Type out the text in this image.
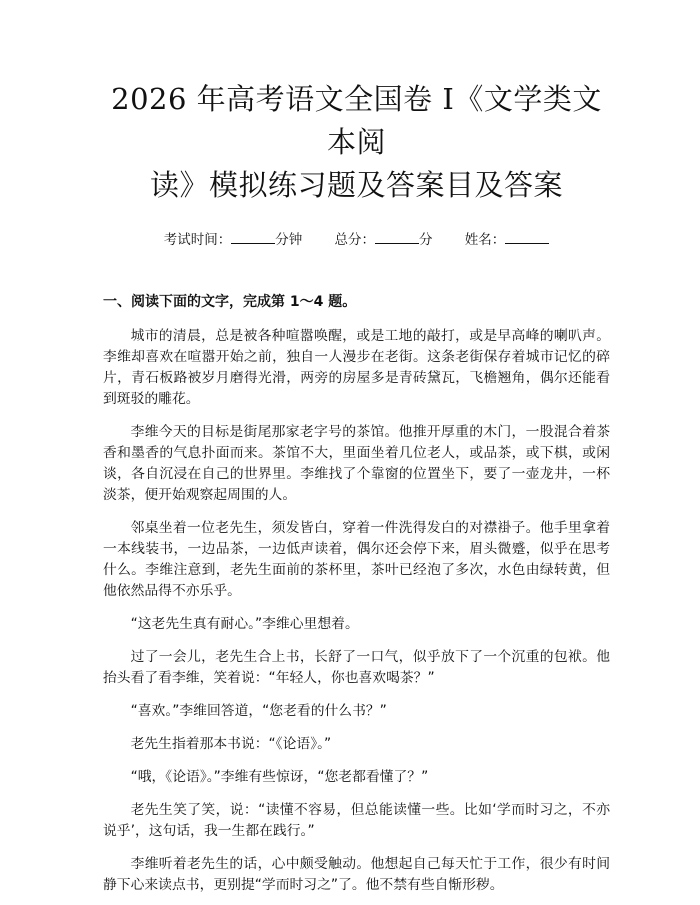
2026 年高考语文全国卷 I《文学类文本阅
读》模拟练习题及答案目及答案
考试时间：	分钟 总分：	分 姓名：
一、阅读下面的文字，完成第 1～4 题。

城市的清晨，总是被各种喧嚣唤醒，或是工地的敲打，或是早高峰的喇叭声。李维却喜欢在喧嚣开始之前，独自一人漫步在老街。这条老街保存着城市记忆的碎片，青石板路被岁月磨得光滑，两旁的房屋多是青砖黛瓦，飞檐翘角，偶尔还能看到斑驳的雕花。

李维今天的目标是街尾那家老字号的茶馆。他推开厚重的木门，一股混合着茶香和墨香的气息扑面而来。茶馆不大，里面坐着几位老人，或品茶，或下棋，或闲谈，各自沉浸在自己的世界里。李维找了个靠窗的位置坐下，要了一壶龙井，一杯淡茶，便开始观察起周围的人。

邻桌坐着一位老先生，须发皆白，穿着一件洗得发白的对襟褂子。他手里拿着一本线装书，一边品茶，一边低声读着，偶尔还会停下来，眉头微蹙，似乎在思考什么。李维注意到，老先生面前的茶杯里，茶叶已经泡了多次，水色由绿转黄，但他依然品得不亦乐乎。

“这老先生真有耐心。”李维心里想着。

过了一会儿，老先生合上书，长舒了一口气，似乎放下了一个沉重的包袱。他抬头看了看李维，笑着说：“年轻人，你也喜欢喝茶？”

“喜欢。”李维回答道，“您老看的什么书？”

老先生指着那本书说：“《论语》。”

“哦，《论语》。”李维有些惊讶，“您老都看懂了？”

老先生笑了笑，说：“读懂不容易，但总能读懂一些。比如‘学而时习之，不亦说乎’，这句话，我一生都在践行。”

李维听着老先生的话，心中颇受触动。他想起自己每天忙于工作，很少有时间静下心来读点书，更别提“学而时习之”了。他不禁有些自惭形秽。
